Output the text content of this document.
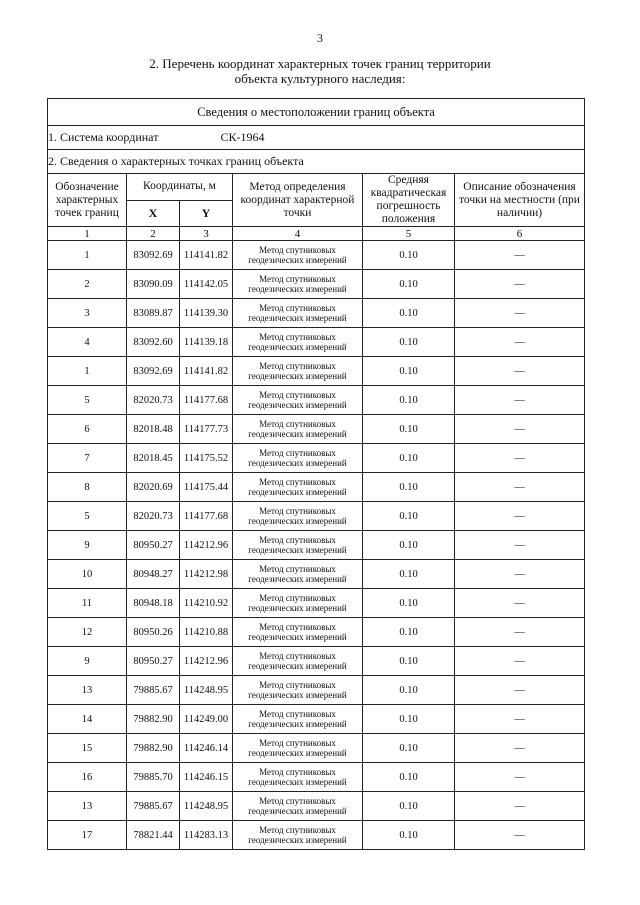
3
2. Перечень координат характерных точек границ территории
объекта культурного наследия:
Сведения о местоположении границ объекта					
1. Система координат СК-1964					
2. Сведения о характерных точках границ объекта					
Обозначение характерных точек границ	Координаты, м		Метод определения координат характерной точки	Средняя квадратическая погрешность положения	Описание обозначения точки на местности (при наличии)
	X	Y			
1	2	3	4	5	6
1	83092.69	114141.82	Метод спутниковых
геодезических измерений	0.10	—
2	83090.09	114142.05	Метод спутниковых
геодезических измерений	0.10	—
3	83089.87	114139.30	Метод спутниковых
геодезических измерений	0.10	—
4	83092.60	114139.18	Метод спутниковых
геодезических измерений	0.10	—
1	83092.69	114141.82	Метод спутниковых
геодезических измерений	0.10	—
5	82020.73	114177.68	Метод спутниковых
геодезических измерений	0.10	—
6	82018.48	114177.73	Метод спутниковых
геодезических измерений	0.10	—
7	82018.45	114175.52	Метод спутниковых
геодезических измерений	0.10	—
8	82020.69	114175.44	Метод спутниковых
геодезических измерений	0.10	—
5	82020.73	114177.68	Метод спутниковых
геодезических измерений	0.10	—
9	80950.27	114212.96	Метод спутниковых
геодезических измерений	0.10	—
10	80948.27	114212.98	Метод спутниковых
геодезических измерений	0.10	—
11	80948.18	114210.92	Метод спутниковых
геодезических измерений	0.10	—
12	80950.26	114210.88	Метод спутниковых
геодезических измерений	0.10	—
9	80950.27	114212.96	Метод спутниковых
геодезических измерений	0.10	—
13	79885.67	114248.95	Метод спутниковых
геодезических измерений	0.10	—
14	79882.90	114249.00	Метод спутниковых
геодезических измерений	0.10	—
15	79882.90	114246.14	Метод спутниковых
геодезических измерений	0.10	—
16	79885.70	114246.15	Метод спутниковых
геодезических измерений	0.10	—
13	79885.67	114248.95	Метод спутниковых
геодезических измерений	0.10	—
17	78821.44	114283.13	Метод спутниковых
геодезических измерений	0.10	—
